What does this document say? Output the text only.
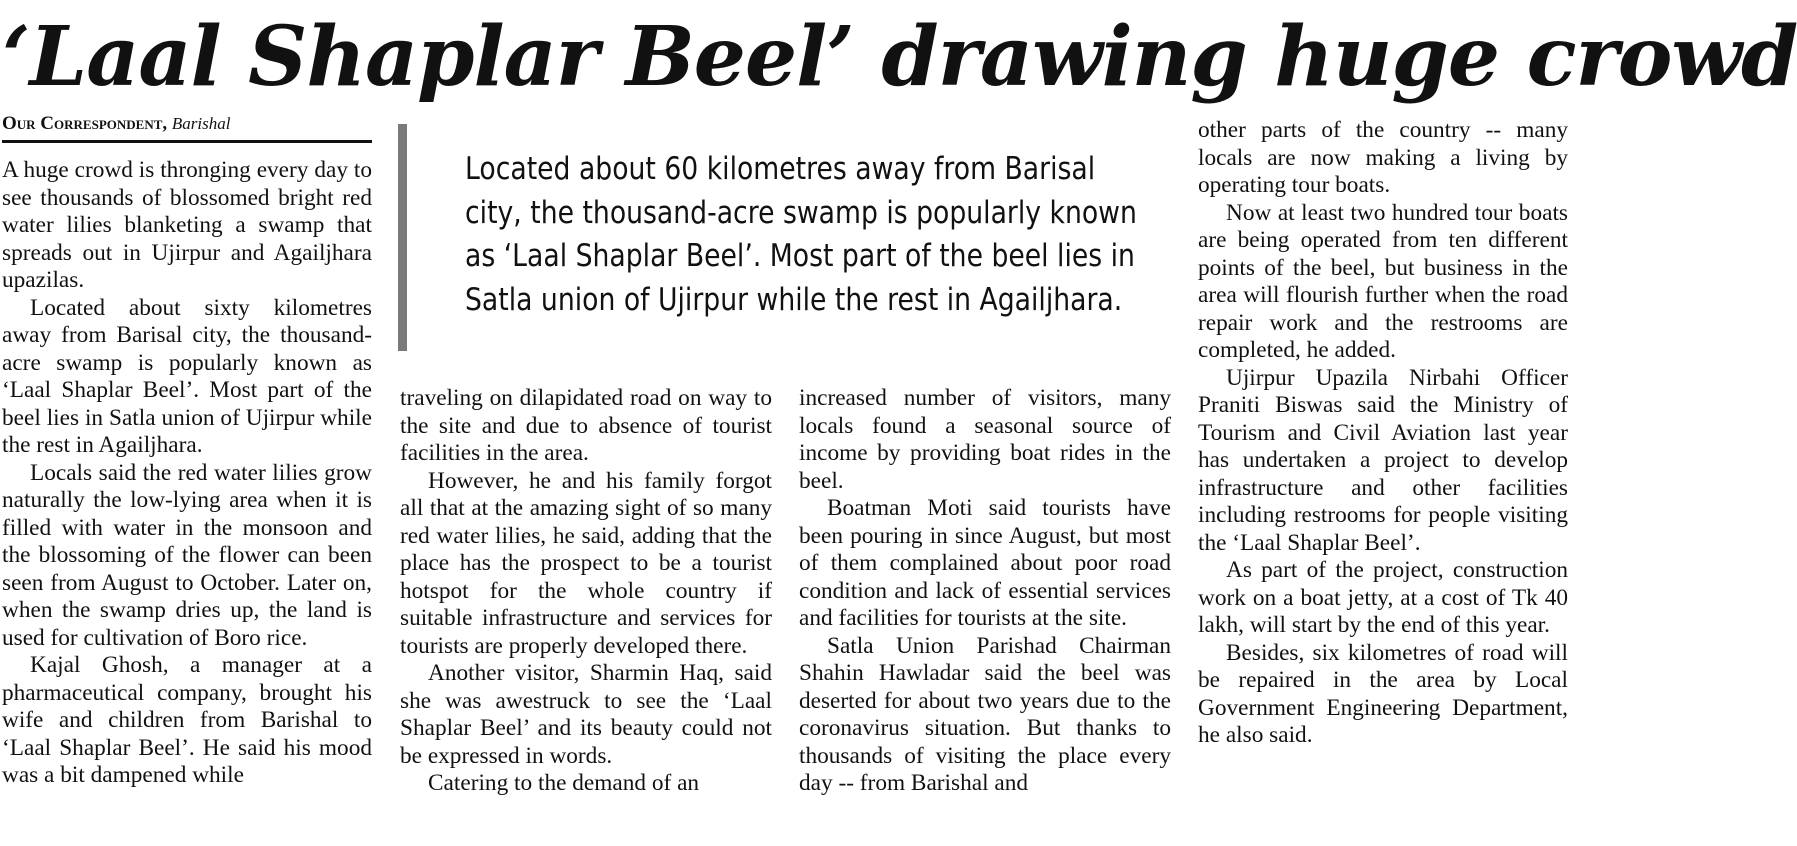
‘Laal Shaplar Beel’ drawing huge crowd
Our Correspondent, Barishal

A huge crowd is thronging every day to see thousands of blossomed bright red water lilies blanketing a swamp that spreads out in Ujirpur and Agailjhara upazilas.

Located about sixty kilometres away from Barisal city, the thousand-acre swamp is popularly known as ‘Laal Shaplar Beel’. Most part of the beel lies in Satla union of Ujirpur while the rest in Agailjhara.

Locals said the red water lilies grow naturally the low-lying area when it is filled with water in the monsoon and the blossoming of the flower can been seen from August to October. Later on, when the swamp dries up, the land is used for cultivation of Boro rice.

Kajal Ghosh, a manager at a pharmaceutical company, brought his wife and children from Barishal to ‘Laal Shaplar Beel’. He said his mood was a bit dampened while

Located about 60 kilometres away from Barisal city, the thousand-acre swamp is popularly known as ‘Laal Shaplar Beel’. Most part of the beel lies in Satla union of Ujirpur while the rest in Agailjhara.

traveling on dilapidated road on way to the site and due to absence of tourist facilities in the area.

However, he and his family forgot all that at the amazing sight of so many red water lilies, he said, adding that the place has the prospect to be a tourist hotspot for the whole country if suitable infrastructure and services for tourists are properly developed there.

Another visitor, Sharmin Haq, said she was awestruck to see the ‘Laal Shaplar Beel’ and its beauty could not be expressed in words.

Catering to the demand of an

increased number of visitors, many locals found a seasonal source of income by providing boat rides in the beel.

Boatman Moti said tourists have been pouring in since August, but most of them complained about poor road condition and lack of essential services and facilities for tourists at the site.

Satla Union Parishad Chairman Shahin Hawladar said the beel was deserted for about two years due to the coronavirus situation. But thanks to thousands of visiting the place every day -- from Barishal and

other parts of the country -- many locals are now making a living by operating tour boats.

Now at least two hundred tour boats are being operated from ten different points of the beel, but business in the area will flourish further when the road repair work and the restrooms are completed, he added.

Ujirpur Upazila Nirbahi Officer Praniti Biswas said the Ministry of Tourism and Civil Aviation last year has undertaken a project to develop infrastructure and other facilities including restrooms for people visiting the ‘Laal Shaplar Beel’.

As part of the project, construction work on a boat jetty, at a cost of Tk 40 lakh, will start by the end of this year.

Besides, six kilometres of road will be repaired in the area by Local Government Engineering Department, he also said.
